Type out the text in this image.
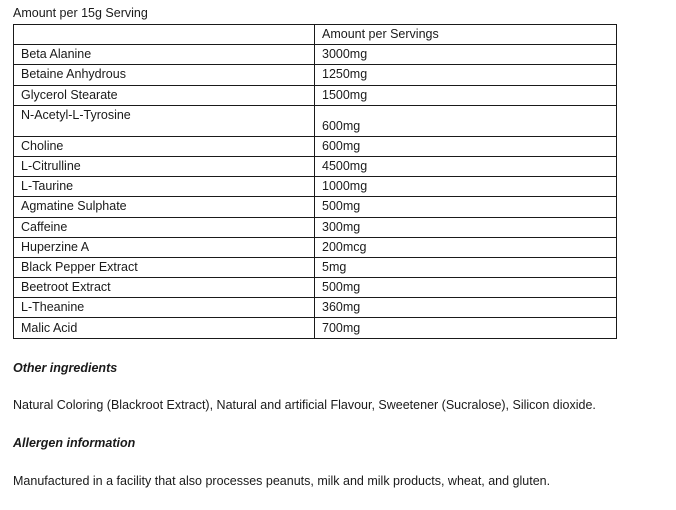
Amount per 15g Serving

	Amount per Servings
Beta Alanine	3000mg
Betaine Anhydrous	1250mg
Glycerol Stearate	1500mg
N-Acetyl-L-Tyrosine	600mg
Choline	600mg
L-Citrulline	4500mg
L-Taurine	1000mg
Agmatine Sulphate	500mg
Caffeine	300mg
Huperzine A	200mcg
Black Pepper Extract	5mg
Beetroot Extract	500mg
L-Theanine	360mg
Malic Acid	700mg

Other ingredients

Natural Coloring (Blackroot Extract), Natural and artificial Flavour, Sweetener (Sucralose), Silicon dioxide.

Allergen information

Manufactured in a facility that also processes peanuts, milk and milk products, wheat, and gluten.
